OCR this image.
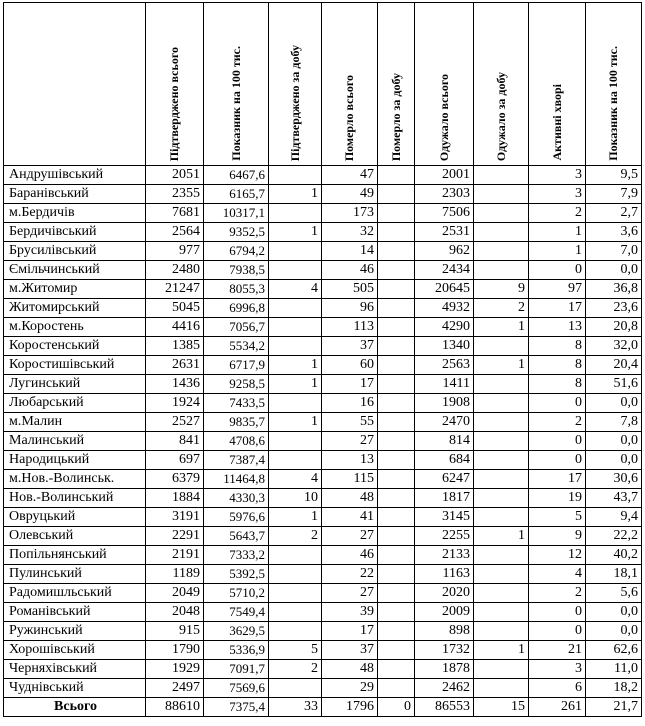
	Підтверджено всього	Показник на 100 тис.	Підтверджено за добу	Померло всього	Померло за добу	Одужало всього	Одужало за добу	Активні хворі	Показник на 100 тис.

Андрушівський	2051	6467,6		47		2001		3	9,5
Баранівський	2355	6165,7	1	49		2303		3	7,9
м.Бердичів	7681	10317,1		173		7506		2	2,7
Бердичівський	2564	9352,5	1	32		2531		1	3,6
Брусилівський	977	6794,2		14		962		1	7,0
Ємільчинський	2480	7938,5		46		2434		0	0,0
м.Житомир	21247	8055,3	4	505		20645	9	97	36,8
Житомирський	5045	6996,8		96		4932	2	17	23,6
м.Коростень	4416	7056,7		113		4290	1	13	20,8
Коростенський	1385	5534,2		37		1340		8	32,0
Коростишівський	2631	6717,9	1	60		2563	1	8	20,4
Лугинський	1436	9258,5	1	17		1411		8	51,6
Любарський	1924	7433,5		16		1908		0	0,0
м.Малин	2527	9835,7	1	55		2470		2	7,8
Малинський	841	4708,6		27		814		0	0,0
Народицький	697	7387,4		13		684		0	0,0
м.Нов.-Волинськ.	6379	11464,8	4	115		6247		17	30,6
Нов.-Волинський	1884	4330,3	10	48		1817		19	43,7
Овруцький	3191	5976,6	1	41		3145		5	9,4
Олевський	2291	5643,7	2	27		2255	1	9	22,2
Попільнянський	2191	7333,2		46		2133		12	40,2
Пулинський	1189	5392,5		22		1163		4	18,1
Радомишльський	2049	5710,2		27		2020		2	5,6
Романівський	2048	7549,4		39		2009		0	0,0
Ружинський	915	3629,5		17		898		0	0,0
Хорошівський	1790	5336,9	5	37		1732	1	21	62,6
Черняхівський	1929	7091,7	2	48		1878		3	11,0
Чуднівський	2497	7569,6		29		2462		6	18,2
Всього	88610	7375,4	33	1796	0	86553	15	261	21,7
